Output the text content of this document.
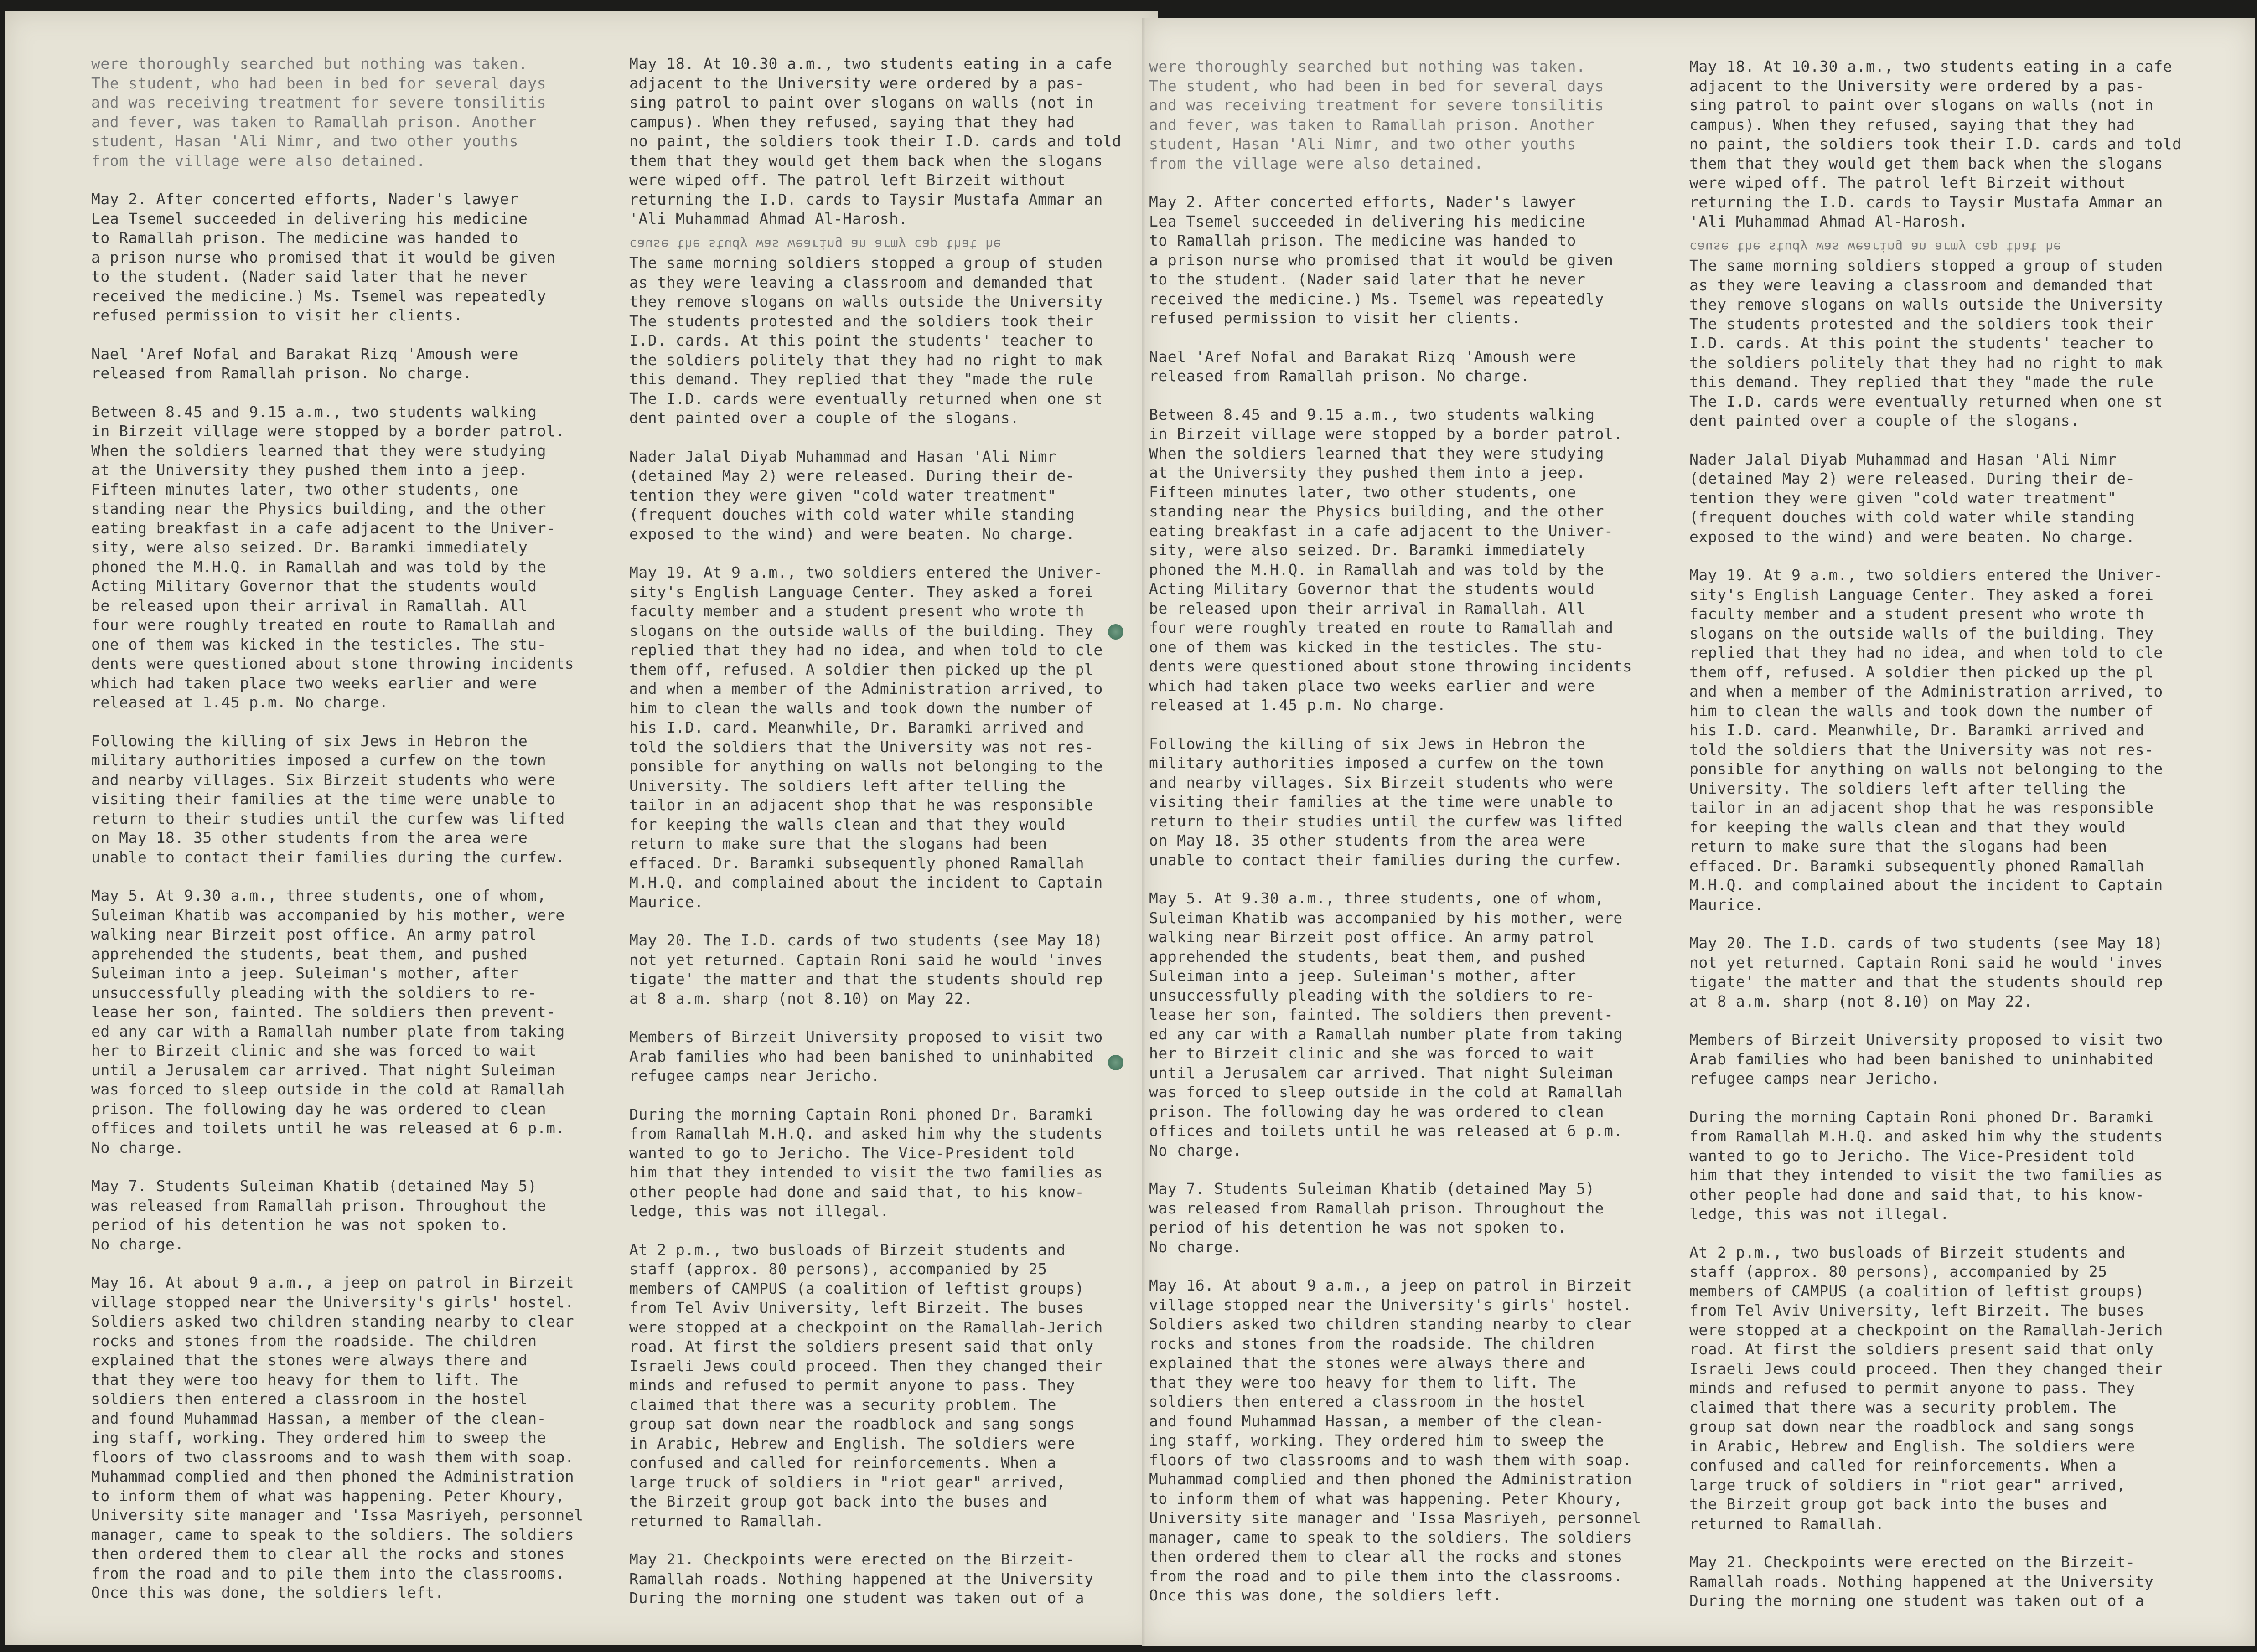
were thoroughly searched but nothing was taken.
The student, who had been in bed for several days
and was receiving treatment for severe tonsilitis
and fever, was taken to Ramallah prison. Another
student, Hasan 'Ali Nimr, and two other youths
from the village were also detained.

May 2. After concerted efforts, Nader's lawyer
Lea Tsemel succeeded in delivering his medicine
to Ramallah prison. The medicine was handed to
a prison nurse who promised that it would be given
to the student. (Nader said later that he never
received the medicine.) Ms. Tsemel was repeatedly
refused permission to visit her clients.

Nael 'Aref Nofal and Barakat Rizq 'Amoush were
released from Ramallah prison. No charge.

Between 8.45 and 9.15 a.m., two students walking
in Birzeit village were stopped by a border patrol.
When the soldiers learned that they were studying
at the University they pushed them into a jeep.
Fifteen minutes later, two other students, one
standing near the Physics building, and the other
eating breakfast in a cafe adjacent to the Univer-
sity, were also seized. Dr. Baramki immediately
phoned the M.H.Q. in Ramallah and was told by the
Acting Military Governor that the students would
be released upon their arrival in Ramallah. All
four were roughly treated en route to Ramallah and
one of them was kicked in the testicles. The stu-
dents were questioned about stone throwing incidents
which had taken place two weeks earlier and were
released at 1.45 p.m. No charge.

Following the killing of six Jews in Hebron the
military authorities imposed a curfew on the town
and nearby villages. Six Birzeit students who were
visiting their families at the time were unable to
return to their studies until the curfew was lifted
on May 18. 35 other students from the area were
unable to contact their families during the curfew.

May 5. At 9.30 a.m., three students, one of whom,
Suleiman Khatib was accompanied by his mother, were
walking near Birzeit post office. An army patrol
apprehended the students, beat them, and pushed
Suleiman into a jeep. Suleiman's mother, after
unsuccessfully pleading with the soldiers to re-
lease her son, fainted. The soldiers then prevent-
ed any car with a Ramallah number plate from taking
her to Birzeit clinic and she was forced to wait
until a Jerusalem car arrived. That night Suleiman
was forced to sleep outside in the cold at Ramallah
prison. The following day he was ordered to clean
offices and toilets until he was released at 6 p.m.
No charge.

May 7. Students Suleiman Khatib (detained May 5)
was released from Ramallah prison. Throughout the
period of his detention he was not spoken to.
No charge.

May 16. At about 9 a.m., a jeep on patrol in Birzeit
village stopped near the University's girls' hostel.
Soldiers asked two children standing nearby to clear
rocks and stones from the roadside. The children
explained that the stones were always there and
that they were too heavy for them to lift. The
soldiers then entered a classroom in the hostel
and found Muhammad Hassan, a member of the clean-
ing staff, working. They ordered him to sweep the
floors of two classrooms and to wash them with soap.
Muhammad complied and then phoned the Administration
to inform them of what was happening. Peter Khoury,
University site manager and 'Issa Masriyeh, personnel
manager, came to speak to the soldiers. The soldiers
then ordered them to clear all the rocks and stones
from the road and to pile them into the classrooms.
Once this was done, the soldiers left.

May 18. At 10.30 a.m., two students eating in a cafe
adjacent to the University were ordered by a pas-
sing patrol to paint over slogans on walls (not in
campus). When they refused, saying that they had
no paint, the soldiers took their I.D. cards and told
them that they would get them back when the slogans
were wiped off. The patrol left Birzeit without
returning the I.D. cards to Taysir Mustafa Ammar an
'Ali Muhammad Ahmad Al-Harosh.

cause the study was wearing an army cap that he

The same morning soldiers stopped a group of studen
as they were leaving a classroom and demanded that
they remove slogans on walls outside the University
The students protested and the soldiers took their
I.D. cards. At this point the students' teacher to
the soldiers politely that they had no right to mak
this demand. They replied that they "made the rule
The I.D. cards were eventually returned when one st
dent painted over a couple of the slogans.

Nader Jalal Diyab Muhammad and Hasan 'Ali Nimr
(detained May 2) were released. During their de-
tention they were given "cold water treatment"
(frequent douches with cold water while standing
exposed to the wind) and were beaten. No charge.

May 19. At 9 a.m., two soldiers entered the Univer-
sity's English Language Center. They asked a forei
faculty member and a student present who wrote th
slogans on the outside walls of the building. They
replied that they had no idea, and when told to cle
them off, refused. A soldier then picked up the pl
and when a member of the Administration arrived, to
him to clean the walls and took down the number of
his I.D. card. Meanwhile, Dr. Baramki arrived and
told the soldiers that the University was not res-
ponsible for anything on walls not belonging to the
University. The soldiers left after telling the
tailor in an adjacent shop that he was responsible
for keeping the walls clean and that they would
return to make sure that the slogans had been
effaced. Dr. Baramki subsequently phoned Ramallah
M.H.Q. and complained about the incident to Captain
Maurice.

May 20. The I.D. cards of two students (see May 18)
not yet returned. Captain Roni said he would 'inves
tigate' the matter and that the students should rep
at 8 a.m. sharp (not 8.10) on May 22.

Members of Birzeit University proposed to visit two
Arab families who had been banished to uninhabited
refugee camps near Jericho.

During the morning Captain Roni phoned Dr. Baramki
from Ramallah M.H.Q. and asked him why the students
wanted to go to Jericho. The Vice-President told
him that they intended to visit the two families as
other people had done and said that, to his know-
ledge, this was not illegal.

At 2 p.m., two busloads of Birzeit students and
staff (approx. 80 persons), accompanied by 25
members of CAMPUS (a coalition of leftist groups)
from Tel Aviv University, left Birzeit. The buses
were stopped at a checkpoint on the Ramallah-Jerich
road. At first the soldiers present said that only
Israeli Jews could proceed. Then they changed their
minds and refused to permit anyone to pass. They
claimed that there was a security problem. The
group sat down near the roadblock and sang songs
in Arabic, Hebrew and English. The soldiers were
confused and called for reinforcements. When a
large truck of soldiers in "riot gear" arrived,
the Birzeit group got back into the buses and
returned to Ramallah.

May 21. Checkpoints were erected on the Birzeit-
Ramallah roads. Nothing happened at the University
During the morning one student was taken out of a

were thoroughly searched but nothing was taken.
The student, who had been in bed for several days
and was receiving treatment for severe tonsilitis
and fever, was taken to Ramallah prison. Another
student, Hasan 'Ali Nimr, and two other youths
from the village were also detained.

May 2. After concerted efforts, Nader's lawyer
Lea Tsemel succeeded in delivering his medicine
to Ramallah prison. The medicine was handed to
a prison nurse who promised that it would be given
to the student. (Nader said later that he never
received the medicine.) Ms. Tsemel was repeatedly
refused permission to visit her clients.

Nael 'Aref Nofal and Barakat Rizq 'Amoush were
released from Ramallah prison. No charge.

Between 8.45 and 9.15 a.m., two students walking
in Birzeit village were stopped by a border patrol.
When the soldiers learned that they were studying
at the University they pushed them into a jeep.
Fifteen minutes later, two other students, one
standing near the Physics building, and the other
eating breakfast in a cafe adjacent to the Univer-
sity, were also seized. Dr. Baramki immediately
phoned the M.H.Q. in Ramallah and was told by the
Acting Military Governor that the students would
be released upon their arrival in Ramallah. All
four were roughly treated en route to Ramallah and
one of them was kicked in the testicles. The stu-
dents were questioned about stone throwing incidents
which had taken place two weeks earlier and were
released at 1.45 p.m. No charge.

Following the killing of six Jews in Hebron the
military authorities imposed a curfew on the town
and nearby villages. Six Birzeit students who were
visiting their families at the time were unable to
return to their studies until the curfew was lifted
on May 18. 35 other students from the area were
unable to contact their families during the curfew.

May 5. At 9.30 a.m., three students, one of whom,
Suleiman Khatib was accompanied by his mother, were
walking near Birzeit post office. An army patrol
apprehended the students, beat them, and pushed
Suleiman into a jeep. Suleiman's mother, after
unsuccessfully pleading with the soldiers to re-
lease her son, fainted. The soldiers then prevent-
ed any car with a Ramallah number plate from taking
her to Birzeit clinic and she was forced to wait
until a Jerusalem car arrived. That night Suleiman
was forced to sleep outside in the cold at Ramallah
prison. The following day he was ordered to clean
offices and toilets until he was released at 6 p.m.
No charge.

May 7. Students Suleiman Khatib (detained May 5)
was released from Ramallah prison. Throughout the
period of his detention he was not spoken to.
No charge.

May 16. At about 9 a.m., a jeep on patrol in Birzeit
village stopped near the University's girls' hostel.
Soldiers asked two children standing nearby to clear
rocks and stones from the roadside. The children
explained that the stones were always there and
that they were too heavy for them to lift. The
soldiers then entered a classroom in the hostel
and found Muhammad Hassan, a member of the clean-
ing staff, working. They ordered him to sweep the
floors of two classrooms and to wash them with soap.
Muhammad complied and then phoned the Administration
to inform them of what was happening. Peter Khoury,
University site manager and 'Issa Masriyeh, personnel
manager, came to speak to the soldiers. The soldiers
then ordered them to clear all the rocks and stones
from the road and to pile them into the classrooms.
Once this was done, the soldiers left.

May 18. At 10.30 a.m., two students eating in a cafe
adjacent to the University were ordered by a pas-
sing patrol to paint over slogans on walls (not in
campus). When they refused, saying that they had
no paint, the soldiers took their I.D. cards and told
them that they would get them back when the slogans
were wiped off. The patrol left Birzeit without
returning the I.D. cards to Taysir Mustafa Ammar an
'Ali Muhammad Ahmad Al-Harosh.

cause the study was wearing an army cap that he

The same morning soldiers stopped a group of studen
as they were leaving a classroom and demanded that
they remove slogans on walls outside the University
The students protested and the soldiers took their
I.D. cards. At this point the students' teacher to
the soldiers politely that they had no right to mak
this demand. They replied that they "made the rule
The I.D. cards were eventually returned when one st
dent painted over a couple of the slogans.

Nader Jalal Diyab Muhammad and Hasan 'Ali Nimr
(detained May 2) were released. During their de-
tention they were given "cold water treatment"
(frequent douches with cold water while standing
exposed to the wind) and were beaten. No charge.

May 19. At 9 a.m., two soldiers entered the Univer-
sity's English Language Center. They asked a forei
faculty member and a student present who wrote th
slogans on the outside walls of the building. They
replied that they had no idea, and when told to cle
them off, refused. A soldier then picked up the pl
and when a member of the Administration arrived, to
him to clean the walls and took down the number of
his I.D. card. Meanwhile, Dr. Baramki arrived and
told the soldiers that the University was not res-
ponsible for anything on walls not belonging to the
University. The soldiers left after telling the
tailor in an adjacent shop that he was responsible
for keeping the walls clean and that they would
return to make sure that the slogans had been
effaced. Dr. Baramki subsequently phoned Ramallah
M.H.Q. and complained about the incident to Captain
Maurice.

May 20. The I.D. cards of two students (see May 18)
not yet returned. Captain Roni said he would 'inves
tigate' the matter and that the students should rep
at 8 a.m. sharp (not 8.10) on May 22.

Members of Birzeit University proposed to visit two
Arab families who had been banished to uninhabited
refugee camps near Jericho.

During the morning Captain Roni phoned Dr. Baramki
from Ramallah M.H.Q. and asked him why the students
wanted to go to Jericho. The Vice-President told
him that they intended to visit the two families as
other people had done and said that, to his know-
ledge, this was not illegal.

At 2 p.m., two busloads of Birzeit students and
staff (approx. 80 persons), accompanied by 25
members of CAMPUS (a coalition of leftist groups)
from Tel Aviv University, left Birzeit. The buses
were stopped at a checkpoint on the Ramallah-Jerich
road. At first the soldiers present said that only
Israeli Jews could proceed. Then they changed their
minds and refused to permit anyone to pass. They
claimed that there was a security problem. The
group sat down near the roadblock and sang songs
in Arabic, Hebrew and English. The soldiers were
confused and called for reinforcements. When a
large truck of soldiers in "riot gear" arrived,
the Birzeit group got back into the buses and
returned to Ramallah.

May 21. Checkpoints were erected on the Birzeit-
Ramallah roads. Nothing happened at the University
During the morning one student was taken out of a
